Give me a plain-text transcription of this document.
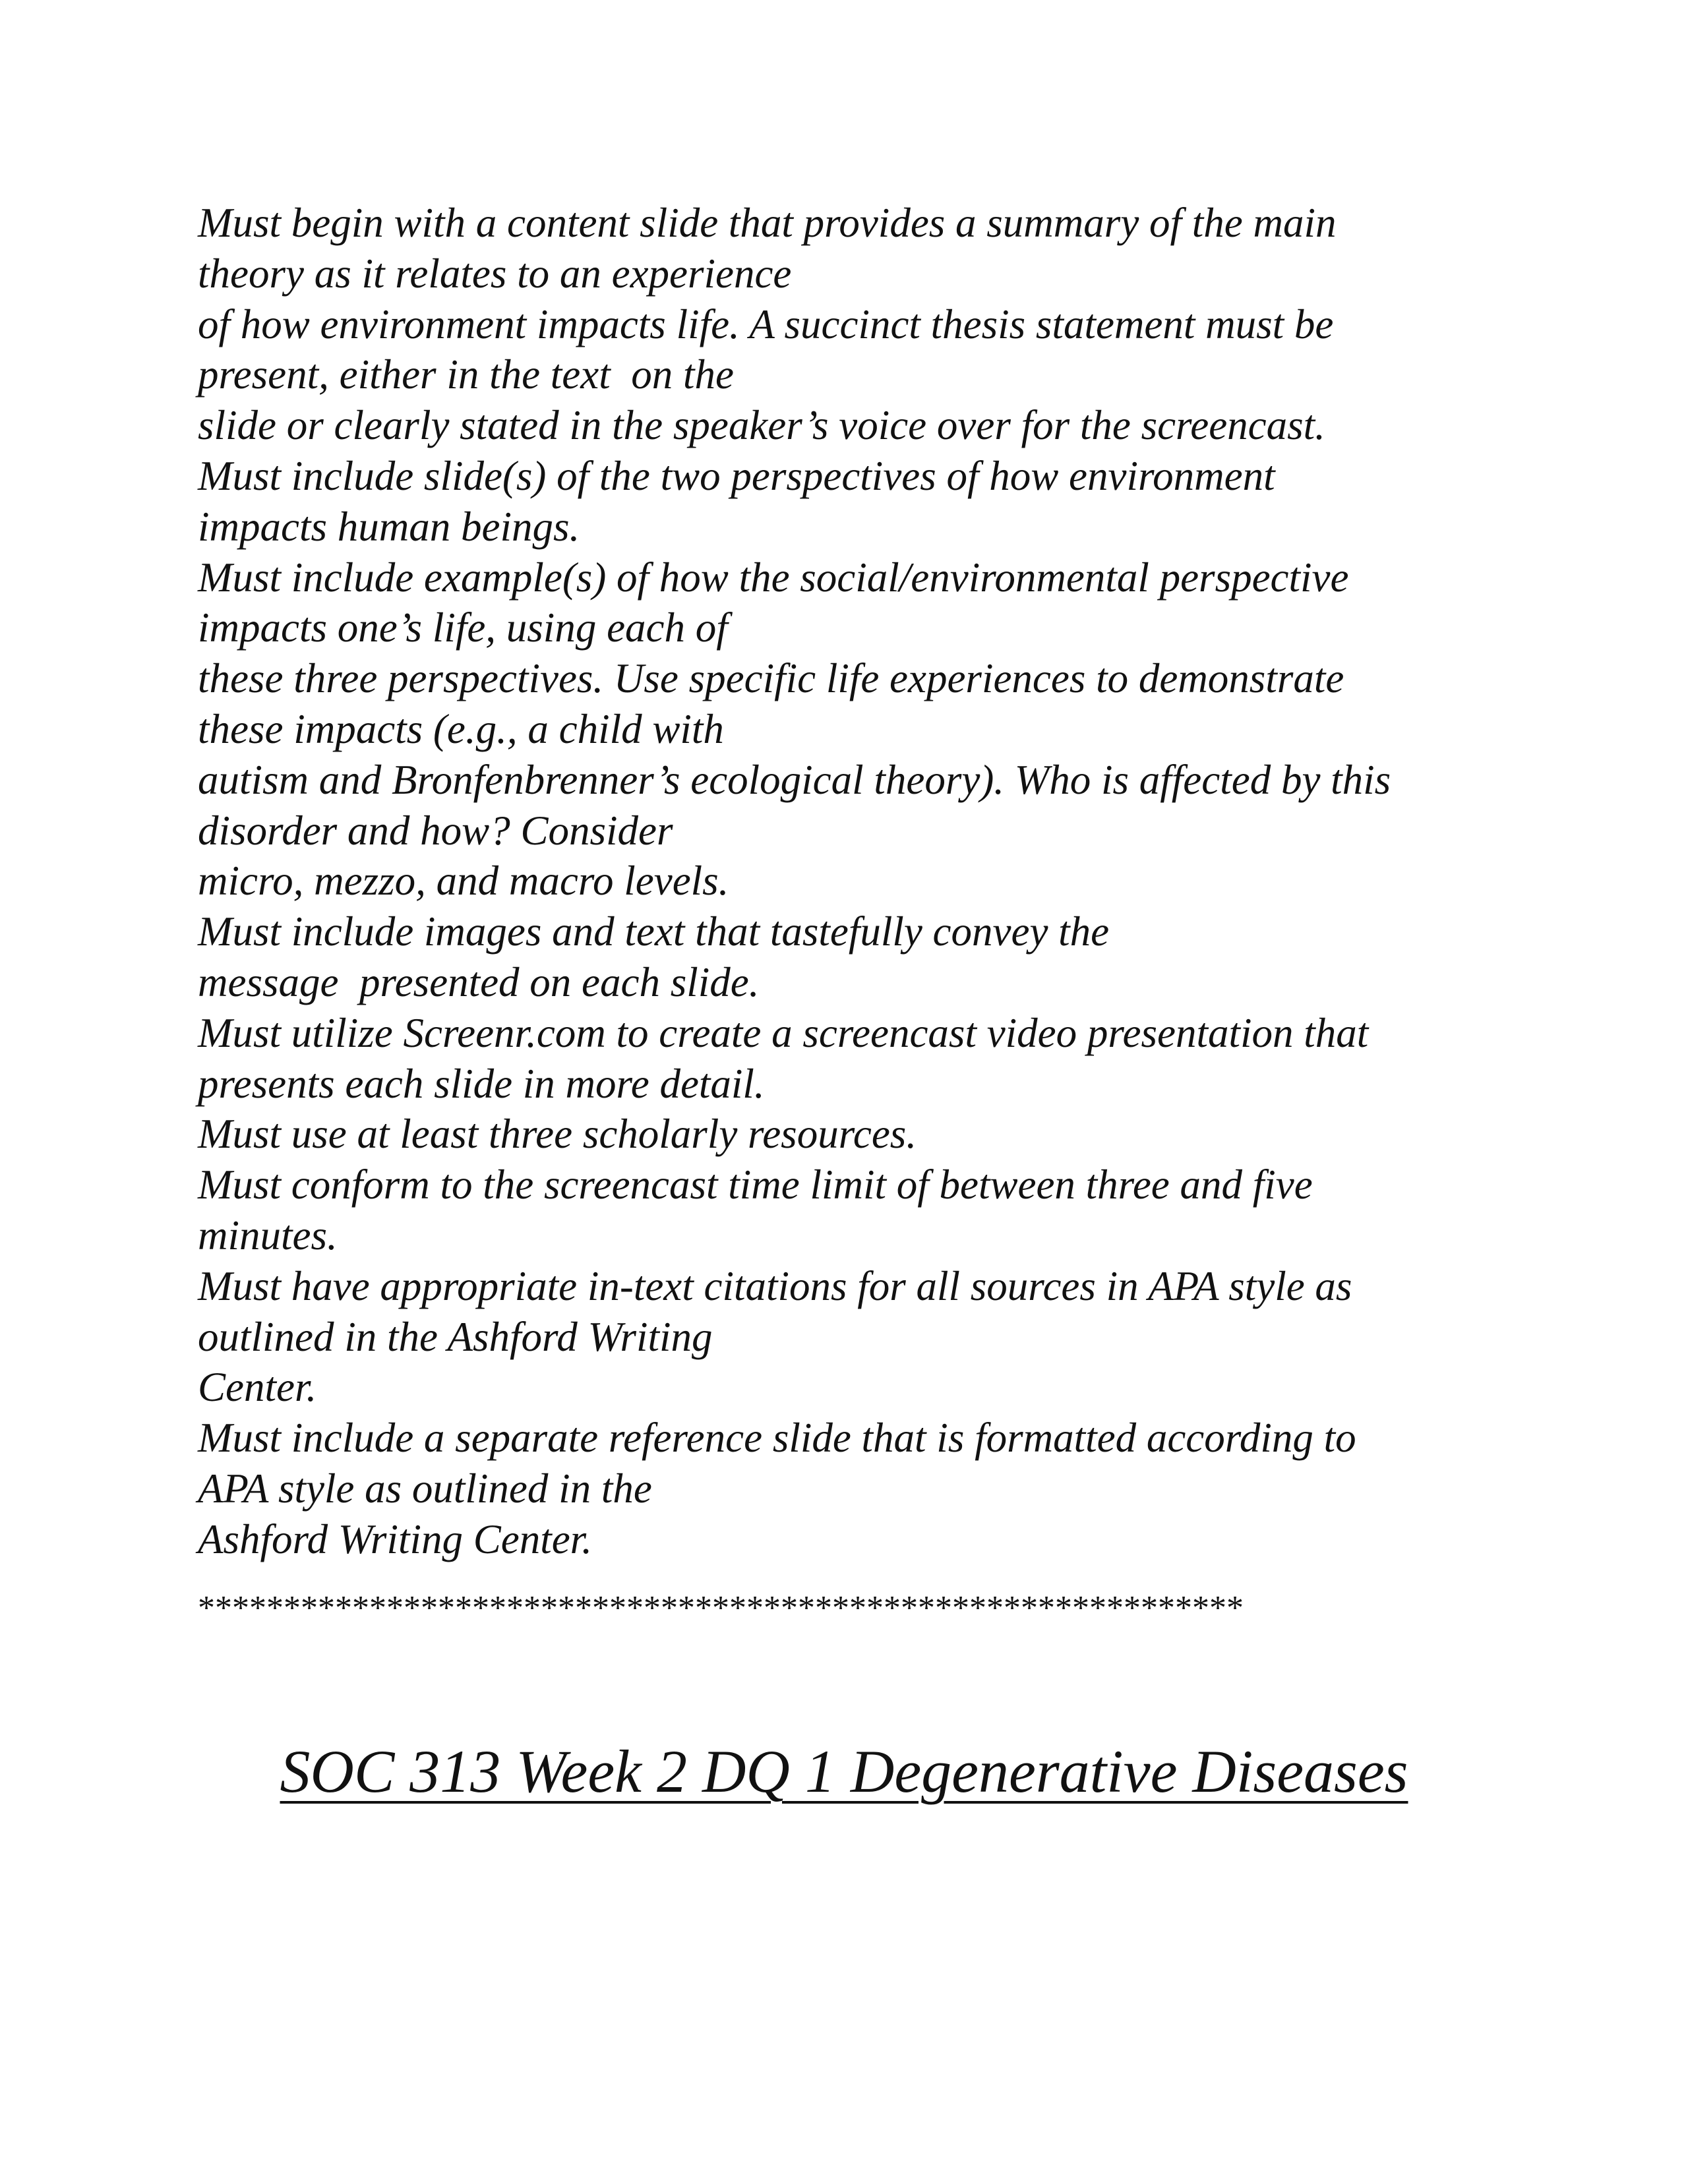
Must begin with a content slide that provides a summary of the main
theory as it relates to an experience
of how environment impacts life. A succinct thesis statement must be
present, either in the text  on the
slide or clearly stated in the speaker’s voice over for the screencast.
Must include slide(s) of the two perspectives of how environment
impacts human beings.
Must include example(s) of how the social/environmental perspective
impacts one’s life, using each of
these three perspectives. Use specific life experiences to demonstrate
these impacts (e.g., a child with
autism and Bronfenbrenner’s ecological theory). Who is affected by this
disorder and how? Consider
micro, mezzo, and macro levels.
Must include images and text that tastefully convey the
message  presented on each slide.
Must utilize Screenr.com to create a screencast video presentation that
presents each slide in more detail.
Must use at least three scholarly resources.
Must conform to the screencast time limit of between three and five
minutes.
Must have appropriate in-text citations for all sources in APA style as
outlined in the Ashford Writing
Center.
Must include a separate reference slide that is formatted according to
APA style as outlined in the
Ashford Writing Center.
*************************************************************
SOC 313 Week 2 DQ 1 Degenerative Diseases
